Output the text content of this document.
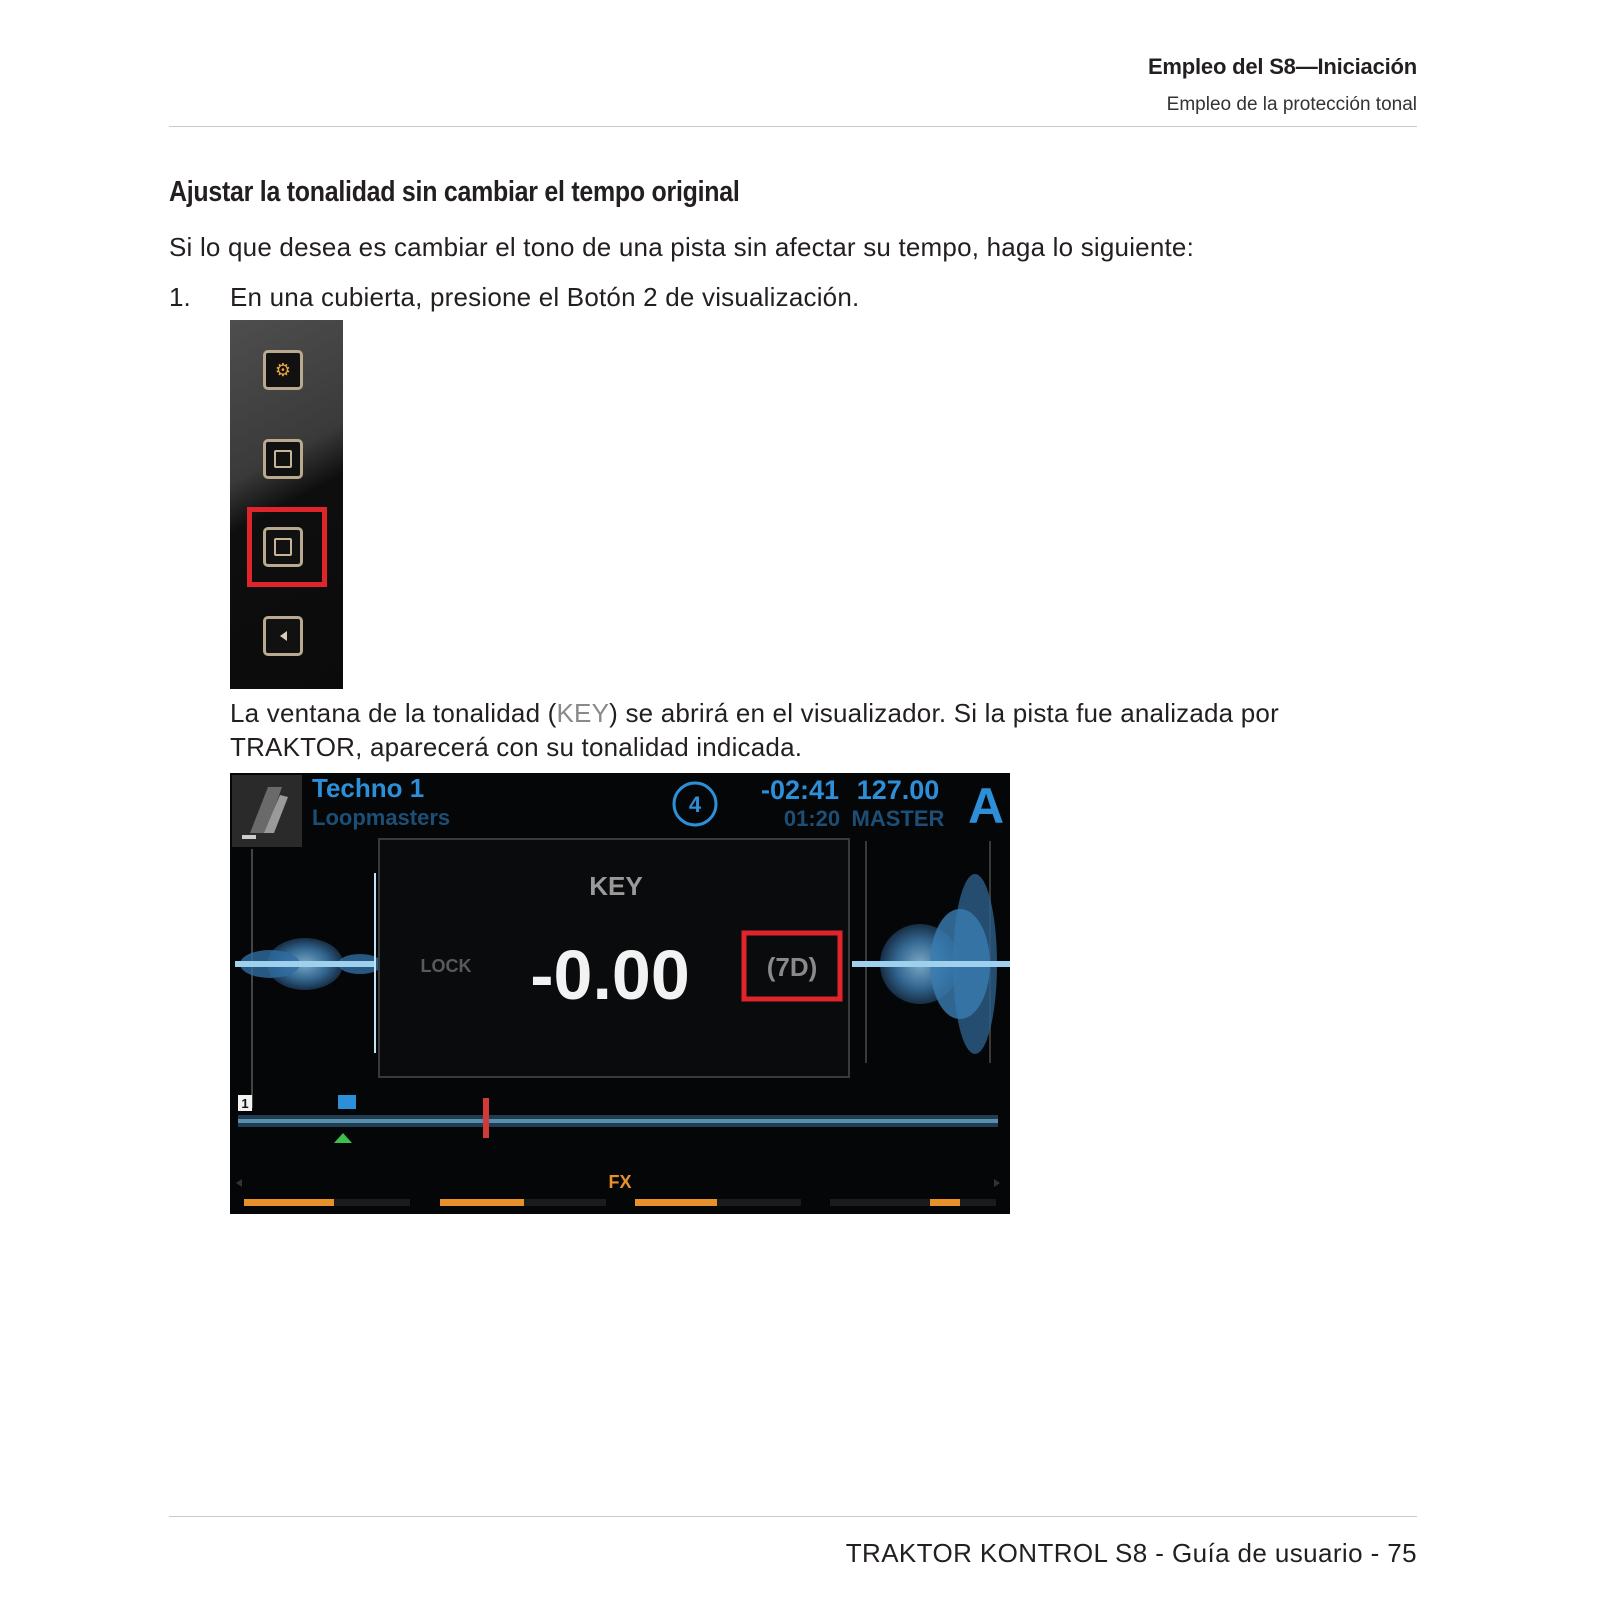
Empleo del S8—Iniciación

Empleo de la protección tonal

Ajustar la tonalidad sin cambiar el tempo original

Si lo que desea es cambiar el tono de una pista sin afectar su tempo, haga lo siguiente:

1. En una cubierta, presione el Botón 2 de visualización.
⚙

La ventana de la tonalidad (KEY) se abrirá en el visualizador. Si la pista fue analizada por TRAKTOR, aparecerá con su tonalidad indicada.

Techno 1
Loopmasters
4 -02:41 127.00
01:20 MASTER A
KEY
LOCK -0.00	(7D)
1
FX

TRAKTOR KONTROL S8 - Guía de usuario - 75
